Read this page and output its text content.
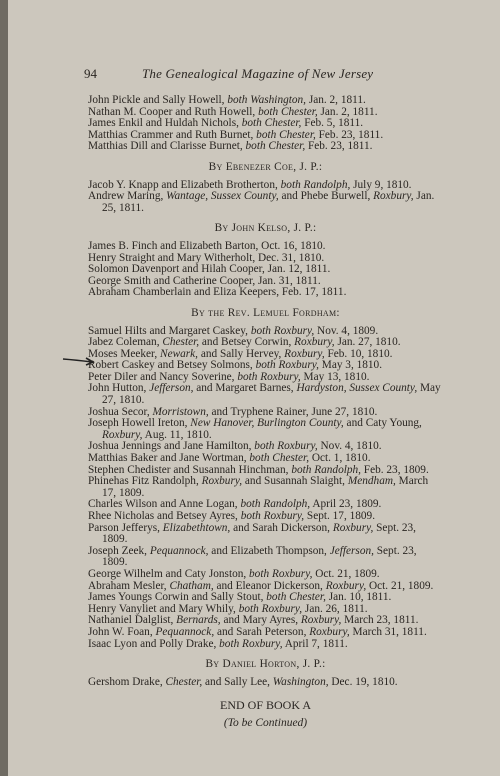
94	The Genealogical Magazine of New Jersey
John Pickle and Sally Howell, both Washington, Jan. 2, 1811.
Nathan M. Cooper and Ruth Howell, both Chester, Jan. 2, 1811.
James Enkil and Huldah Nichols, both Chester, Feb. 5, 1811.
Matthias Crammer and Ruth Burnet, both Chester, Feb. 23, 1811.
Matthias Dill and Clarisse Burnet, both Chester, Feb. 23, 1811.
By Ebenezer Coe, J. P.:
Jacob Y. Knapp and Elizabeth Brotherton, both Randolph, July 9, 1810.
Andrew Maring, Wantage, Sussex County, and Phebe Burwell, Roxbury, Jan. 25, 1811.
By John Kelso, J. P.:
James B. Finch and Elizabeth Barton, Oct. 16, 1810.
Henry Straight and Mary Witherholt, Dec. 31, 1810.
Solomon Davenport and Hilah Cooper, Jan. 12, 1811.
George Smith and Catherine Cooper, Jan. 31, 1811.
Abraham Chamberlain and Eliza Keepers, Feb. 17, 1811.
By the Rev. Lemuel Fordham:
Samuel Hilts and Margaret Caskey, both Roxbury, Nov. 4, 1809.
Jabez Coleman, Chester, and Betsey Corwin, Roxbury, Jan. 27, 1810.
Moses Meeker, Newark, and Sally Hervey, Roxbury, Feb. 10, 1810.
Robert Caskey and Betsey Solmons, both Roxbury, May 3, 1810.
Peter Diler and Nancy Soverine, both Roxbury, May 13, 1810.
John Hutton, Jefferson, and Margaret Barnes, Hardyston, Sussex County, May 27, 1810.
Joshua Secor, Morristown, and Tryphene Rainer, June 27, 1810.
Joseph Howell Ireton, New Hanover, Burlington County, and Caty Young, Roxbury, Aug. 11, 1810.
Joshua Jennings and Jane Hamilton, both Roxbury, Nov. 4, 1810.
Matthias Baker and Jane Wortman, both Chester, Oct. 1, 1810.
Stephen Chedister and Susannah Hinchman, both Randolph, Feb. 23, 1809.
Phinehas Fitz Randolph, Roxbury, and Susannah Slaight, Mendham, March 17, 1809.
Charles Wilson and Anne Logan, both Randolph, April 23, 1809.
Rhee Nicholas and Betsey Ayres, both Roxbury, Sept. 17, 1809.
Parson Jefferys, Elizabethtown, and Sarah Dickerson, Roxbury, Sept. 23, 1809.
Joseph Zeek, Pequannock, and Elizabeth Thompson, Jefferson, Sept. 23, 1809.
George Wilhelm and Caty Jonston, both Roxbury, Oct. 21, 1809.
Abraham Mesler, Chatham, and Eleanor Dickerson, Roxbury, Oct. 21, 1809.
James Youngs Corwin and Sally Stout, both Chester, Jan. 10, 1811.
Henry Vanyliet and Mary Whily, both Roxbury, Jan. 26, 1811.
Nathaniel Dalglist, Bernards, and Mary Ayres, Roxbury, March 23, 1811.
John W. Foan, Pequannock, and Sarah Peterson, Roxbury, March 31, 1811.
Isaac Lyon and Polly Drake, both Roxbury, April 7, 1811.
By Daniel Horton, J. P.:
Gershom Drake, Chester, and Sally Lee, Washington, Dec. 19, 1810.
END OF BOOK A
(To be Continued)
